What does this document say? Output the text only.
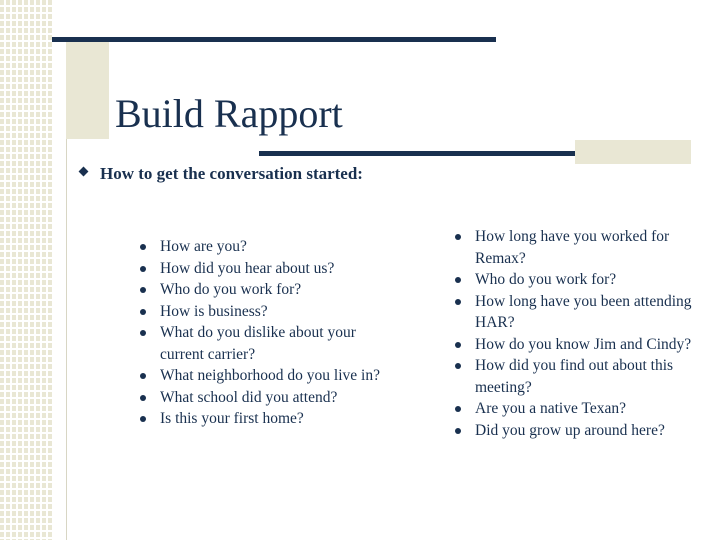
Build Rapport
How to get the conversation started:
How are you?
How did you hear about us?
Who do you work for?
How is business?
What do you dislike about your current carrier?
What neighborhood do you live in?
What school did you attend?
Is this your first home?
How long have you worked for Remax?
Who do you work for?
How long have you been attending HAR?
How do you know Jim and Cindy?
How did you find out about this meeting?
Are you a native Texan?
Did you grow up around here?
